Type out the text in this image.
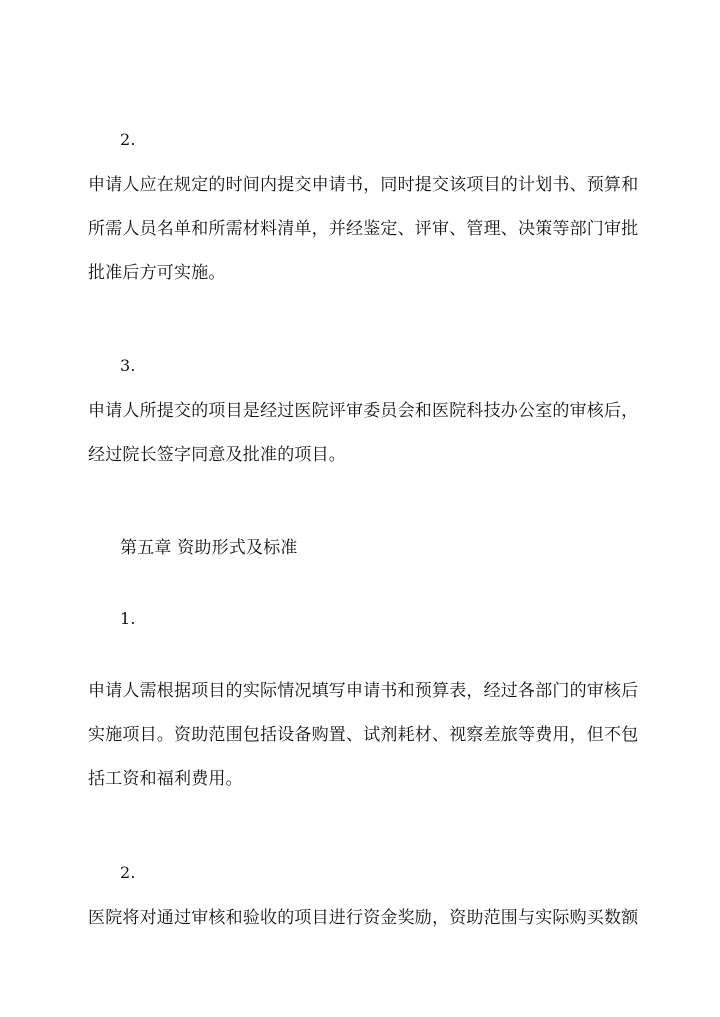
2.
申请人应在规定的时间内提交申请书，同时提交该项目的计划书、预算和
所需人员名单和所需材料清单，并经鉴定、评审、管理、决策等部门审批
批准后方可实施。
3.
申请人所提交的项目是经过医院评审委员会和医院科技办公室的审核后，
经过院长签字同意及批准的项目。
第五章 资助形式及标准
1.
申请人需根据项目的实际情况填写申请书和预算表，经过各部门的审核后
实施项目。资助范围包括设备购置、试剂耗材、视察差旅等费用，但不包
括工资和福利费用。
2.
医院将对通过审核和验收的项目进行资金奖励，资助范围与实际购买数额
